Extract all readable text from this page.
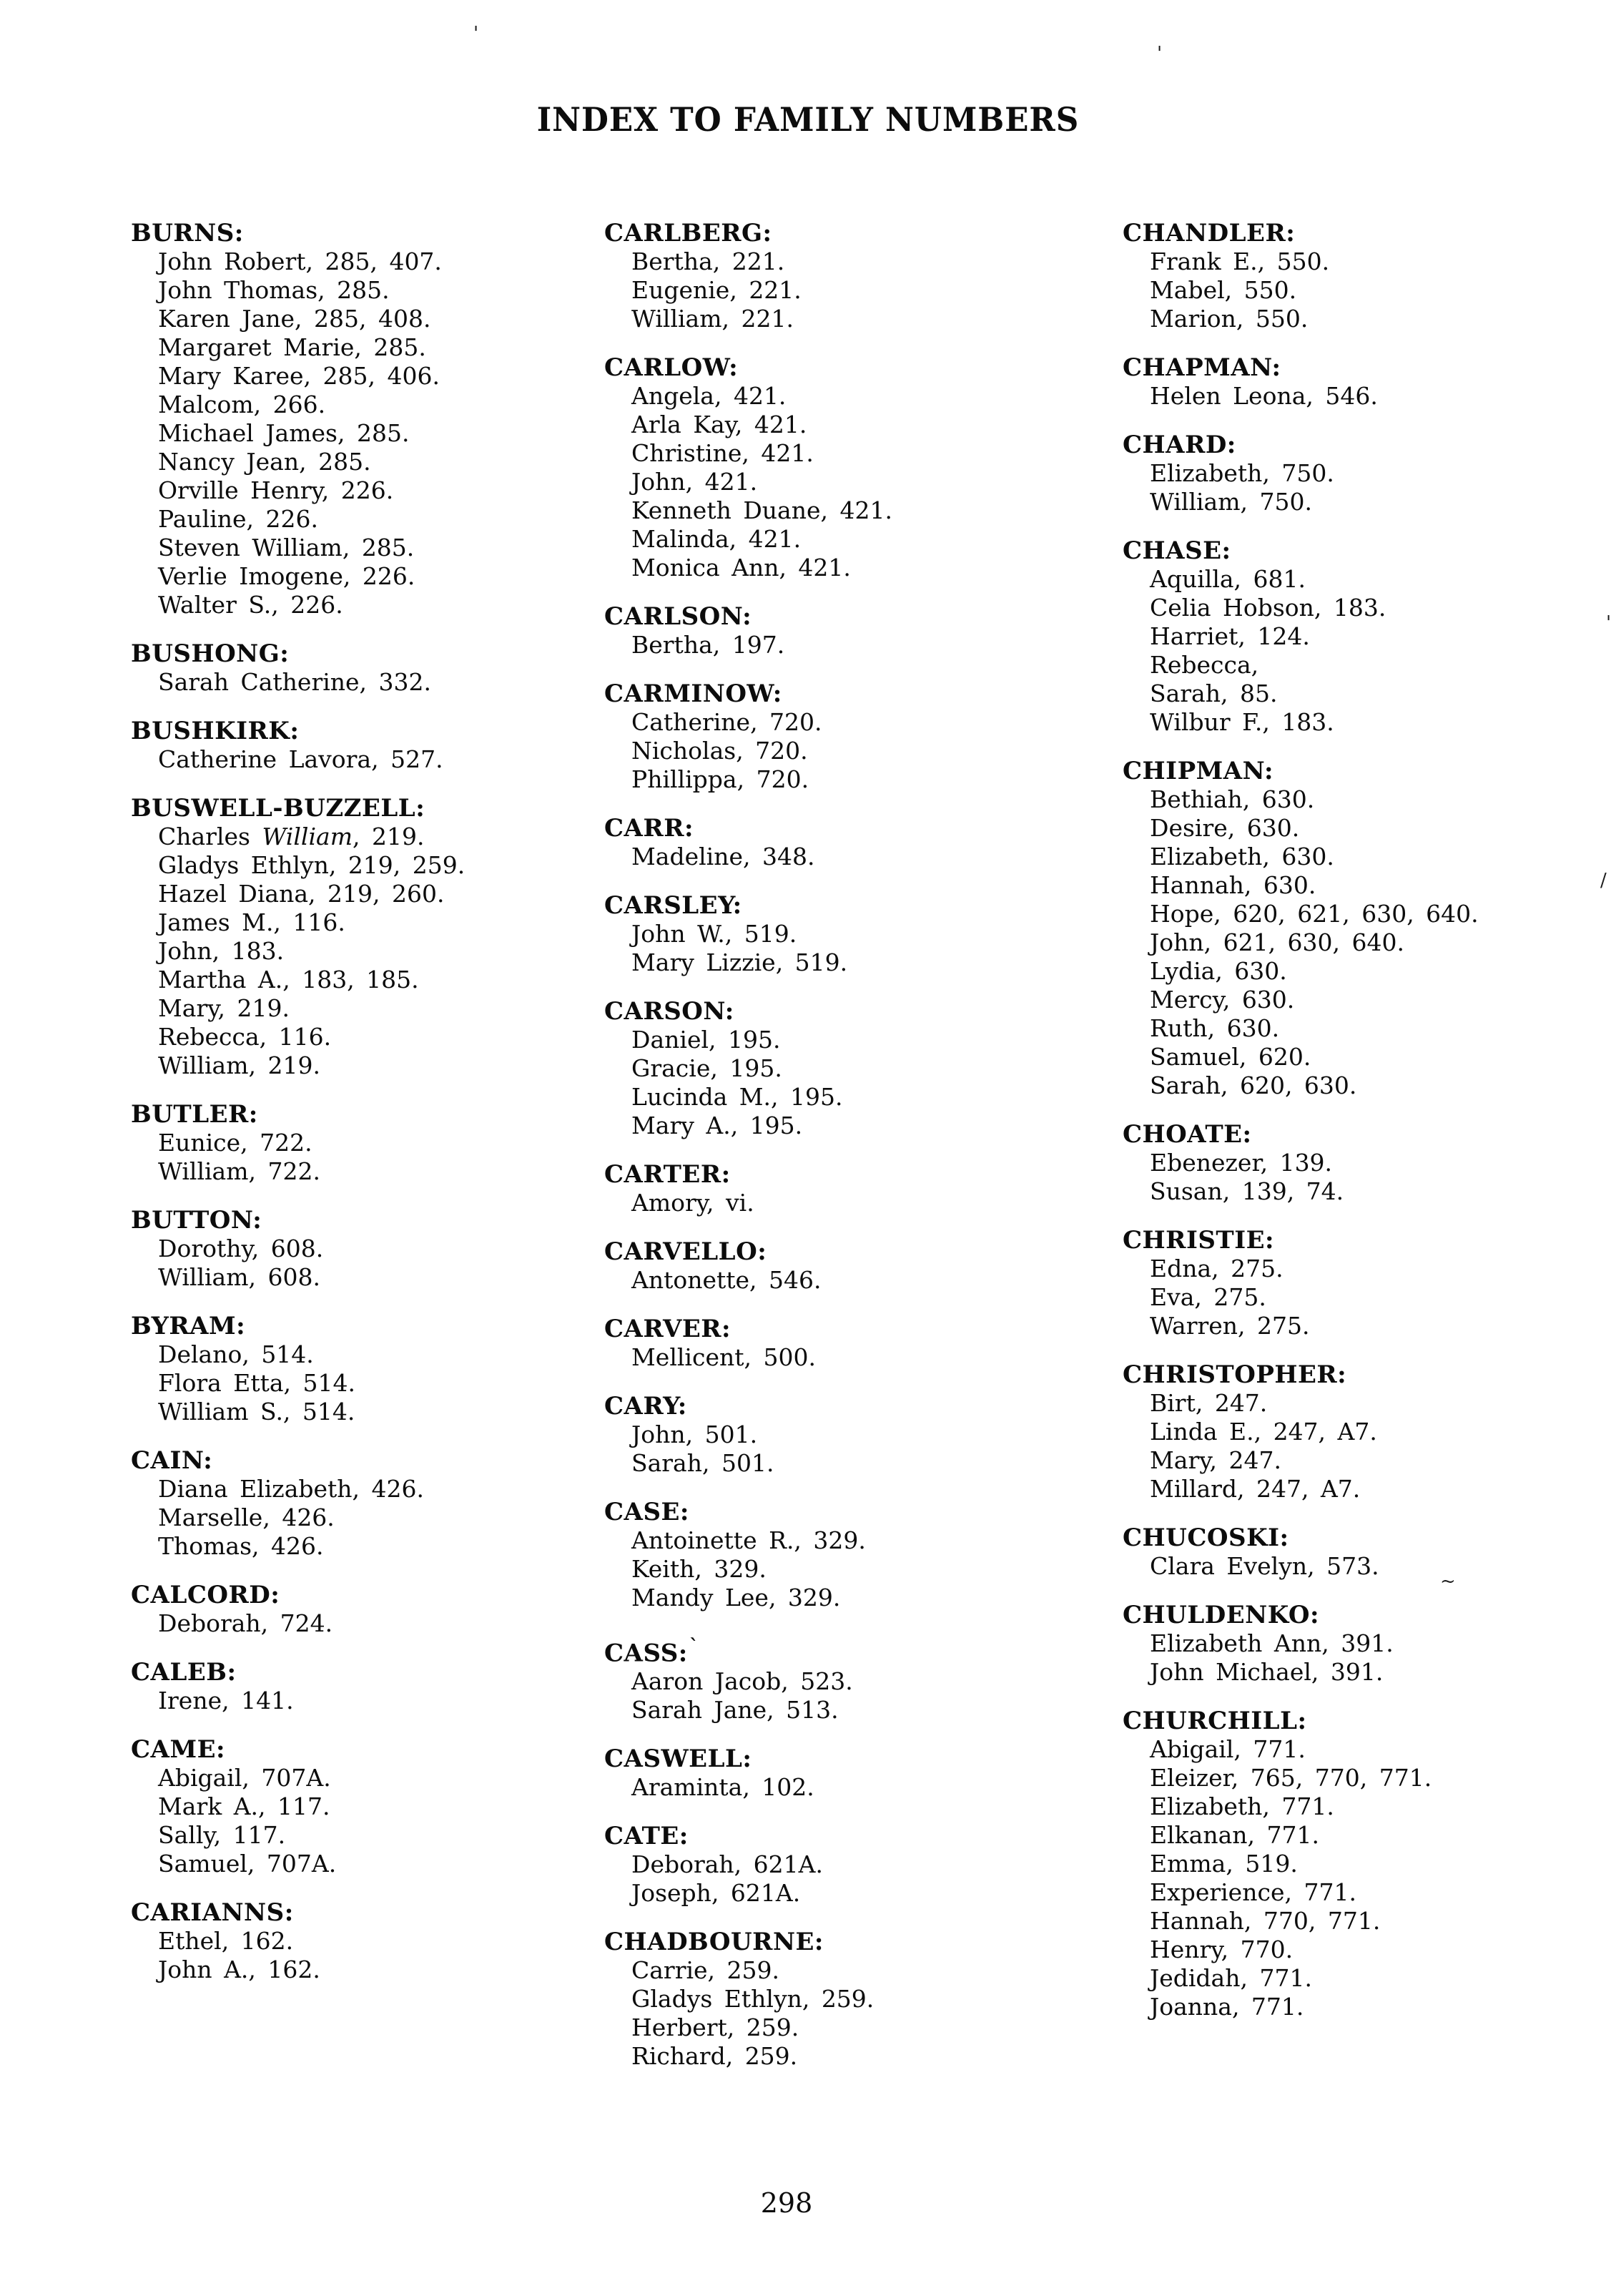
INDEX TO FAMILY NUMBERS
BURNS:
John Robert, 285, 407.
John Thomas, 285.
Karen Jane, 285, 408.
Margaret Marie, 285.
Mary Karee, 285, 406.
Malcom, 266.
Michael James, 285.
Nancy Jean, 285.
Orville Henry, 226.
Pauline, 226.
Steven William, 285.
Verlie Imogene, 226.
Walter S., 226.
BUSHONG:
Sarah Catherine, 332.
BUSHKIRK:
Catherine Lavora, 527.
BUSWELL-BUZZELL:
Charles William, 219.
Gladys Ethlyn, 219, 259.
Hazel Diana, 219, 260.
James M., 116.
John, 183.
Martha A., 183, 185.
Mary, 219.
Rebecca, 116.
William, 219.
BUTLER:
Eunice, 722.
William, 722.
BUTTON:
Dorothy, 608.
William, 608.
BYRAM:
Delano, 514.
Flora Etta, 514.
William S., 514.
CAIN:
Diana Elizabeth, 426.
Marselle, 426.
Thomas, 426.
CALCORD:
Deborah, 724.
CALEB:
Irene, 141.
CAME:
Abigail, 707A.
Mark A., 117.
Sally, 117.
Samuel, 707A.
CARIANNS:
Ethel, 162.
John A., 162.
CARLBERG:
Bertha, 221.
Eugenie, 221.
William, 221.
CARLOW:
Angela, 421.
Arla Kay, 421.
Christine, 421.
John, 421.
Kenneth Duane, 421.
Malinda, 421.
Monica Ann, 421.
CARLSON:
Bertha, 197.
CARMINOW:
Catherine, 720.
Nicholas, 720.
Phillippa, 720.
CARR:
Madeline, 348.
CARSLEY:
John W., 519.
Mary Lizzie, 519.
CARSON:
Daniel, 195.
Gracie, 195.
Lucinda M., 195.
Mary A., 195.
CARTER:
Amory, vi.
CARVELLO:
Antonette, 546.
CARVER:
Mellicent, 500.
CARY:
John, 501.
Sarah, 501.
CASE:
Antoinette R., 329.
Keith, 329.
Mandy Lee, 329.
CASS:`
Aaron Jacob, 523.
Sarah Jane, 513.
CASWELL:
Araminta, 102.
CATE:
Deborah, 621A.
Joseph, 621A.
CHADBOURNE:
Carrie, 259.
Gladys Ethlyn, 259.
Herbert, 259.
Richard, 259.
CHANDLER:
Frank E., 550.
Mabel, 550.
Marion, 550.
CHAPMAN:
Helen Leona, 546.
CHARD:
Elizabeth, 750.
William, 750.
CHASE:
Aquilla, 681.
Celia Hobson, 183.
Harriet, 124.
Rebecca,
Sarah, 85.
Wilbur F., 183.
CHIPMAN:
Bethiah, 630.
Desire, 630.
Elizabeth, 630.
Hannah, 630.
Hope, 620, 621, 630, 640.
John, 621, 630, 640.
Lydia, 630.
Mercy, 630.
Ruth, 630.
Samuel, 620.
Sarah, 620, 630.
CHOATE:
Ebenezer, 139.
Susan, 139, 74.
CHRISTIE:
Edna, 275.
Eva, 275.
Warren, 275.
CHRISTOPHER:
Birt, 247.
Linda E., 247, A7.
Mary, 247.
Millard, 247, A7.
CHUCOSKI:
Clara Evelyn, 573.
CHULDENKO:
Elizabeth Ann, 391.
John Michael, 391.
CHURCHILL:
Abigail, 771.
Eleizer, 765, 770, 771.
Elizabeth, 771.
Elkanan, 771.
Emma, 519.
Experience, 771.
Hannah, 770, 771.
Henry, 770.
Jedidah, 771.
Joanna, 771.
298
'
'
'
/
~
